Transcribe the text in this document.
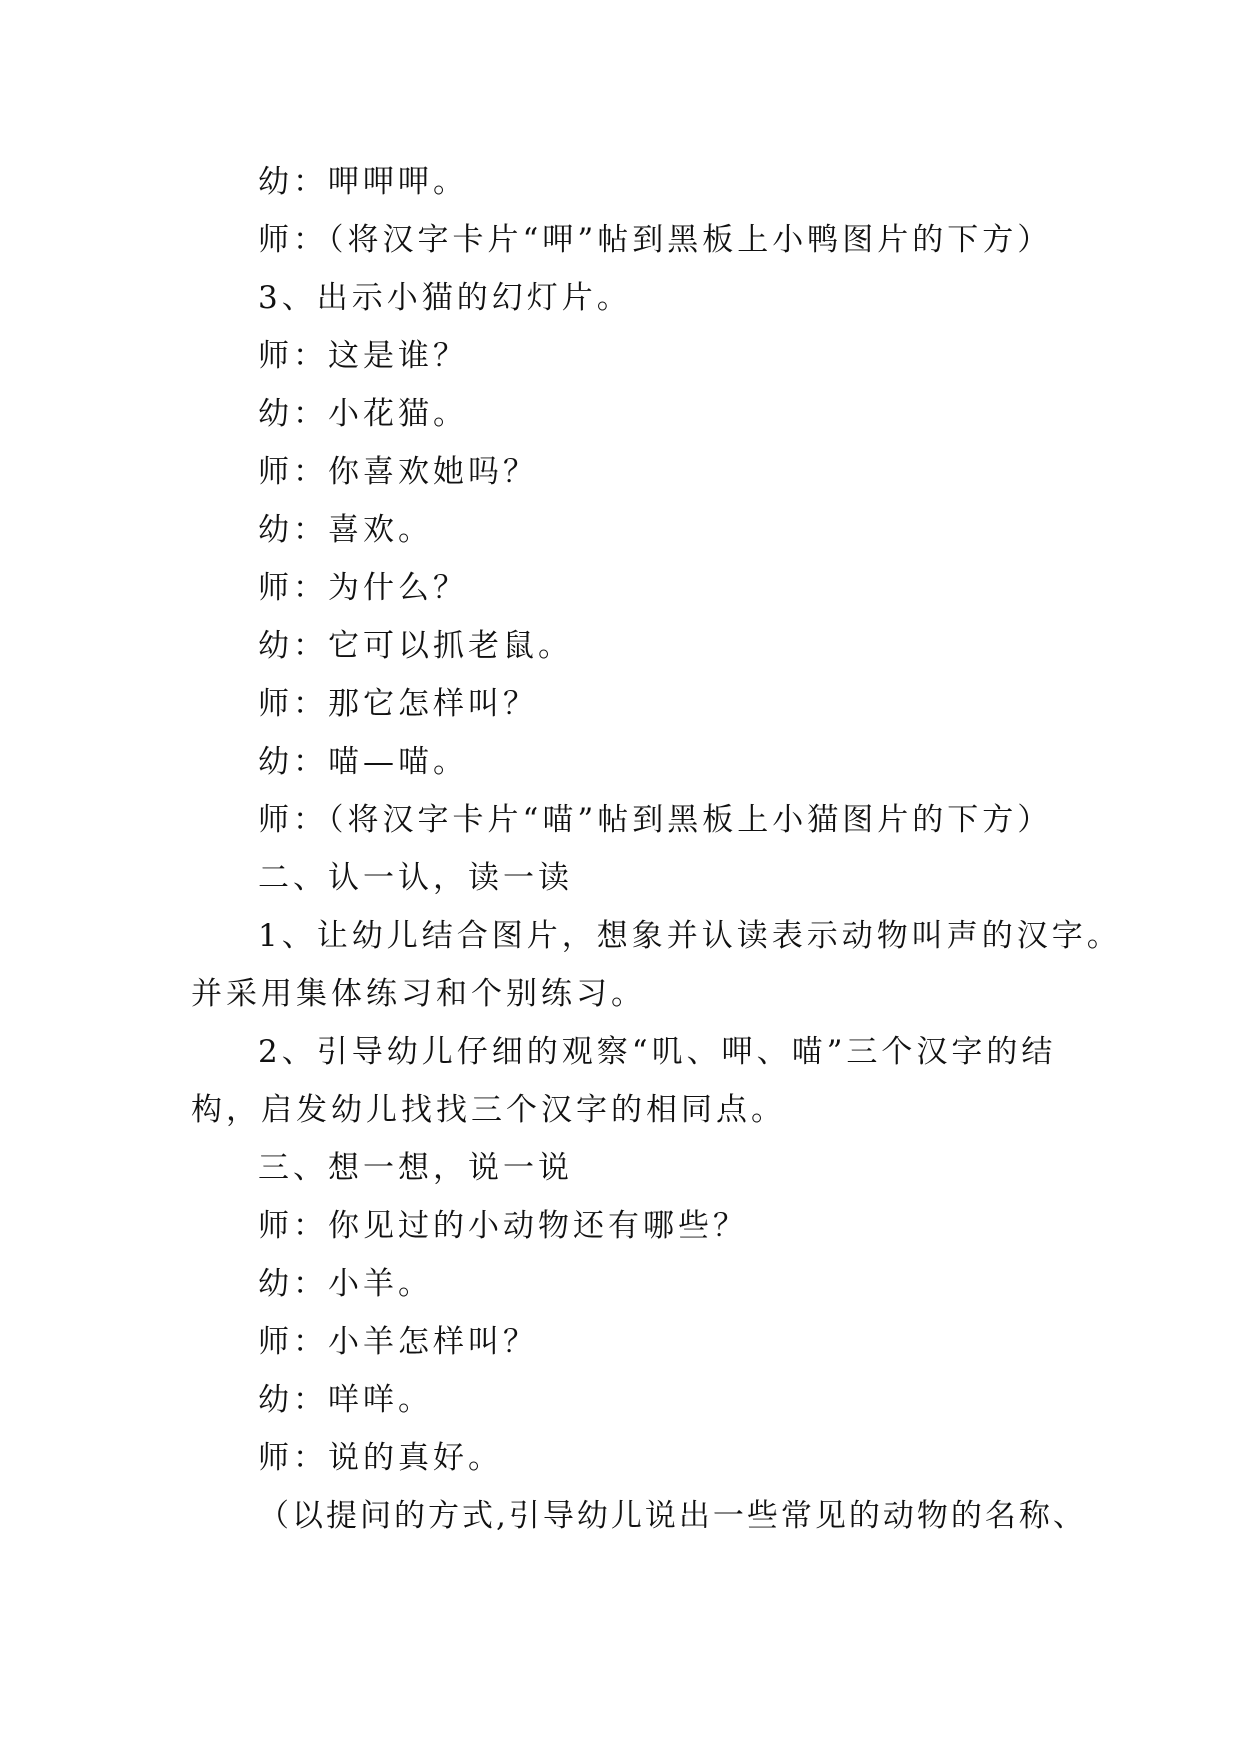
幼：呷呷呷。
师：（将汉字卡片“呷”帖到黑板上小鸭图片的下方）
3、出示小猫的幻灯片。
师：这是谁？
幼：小花猫。
师：你喜欢她吗？
幼：喜欢。
师：为什么？
幼：它可以抓老鼠。
师：那它怎样叫？
幼：喵—喵。
师：（将汉字卡片“喵”帖到黑板上小猫图片的下方）
二、认一认，读一读
1、让幼儿结合图片，想象并认读表示动物叫声的汉字。
并采用集体练习和个别练习。
2、引导幼儿仔细的观察“叽、呷、喵”三个汉字的结
构，启发幼儿找找三个汉字的相同点。
三、想一想，说一说
师：你见过的小动物还有哪些？
幼：小羊。
师：小羊怎样叫？
幼：咩咩。
师：说的真好。
（以提问的方式,引导幼儿说出一些常见的动物的名称、
